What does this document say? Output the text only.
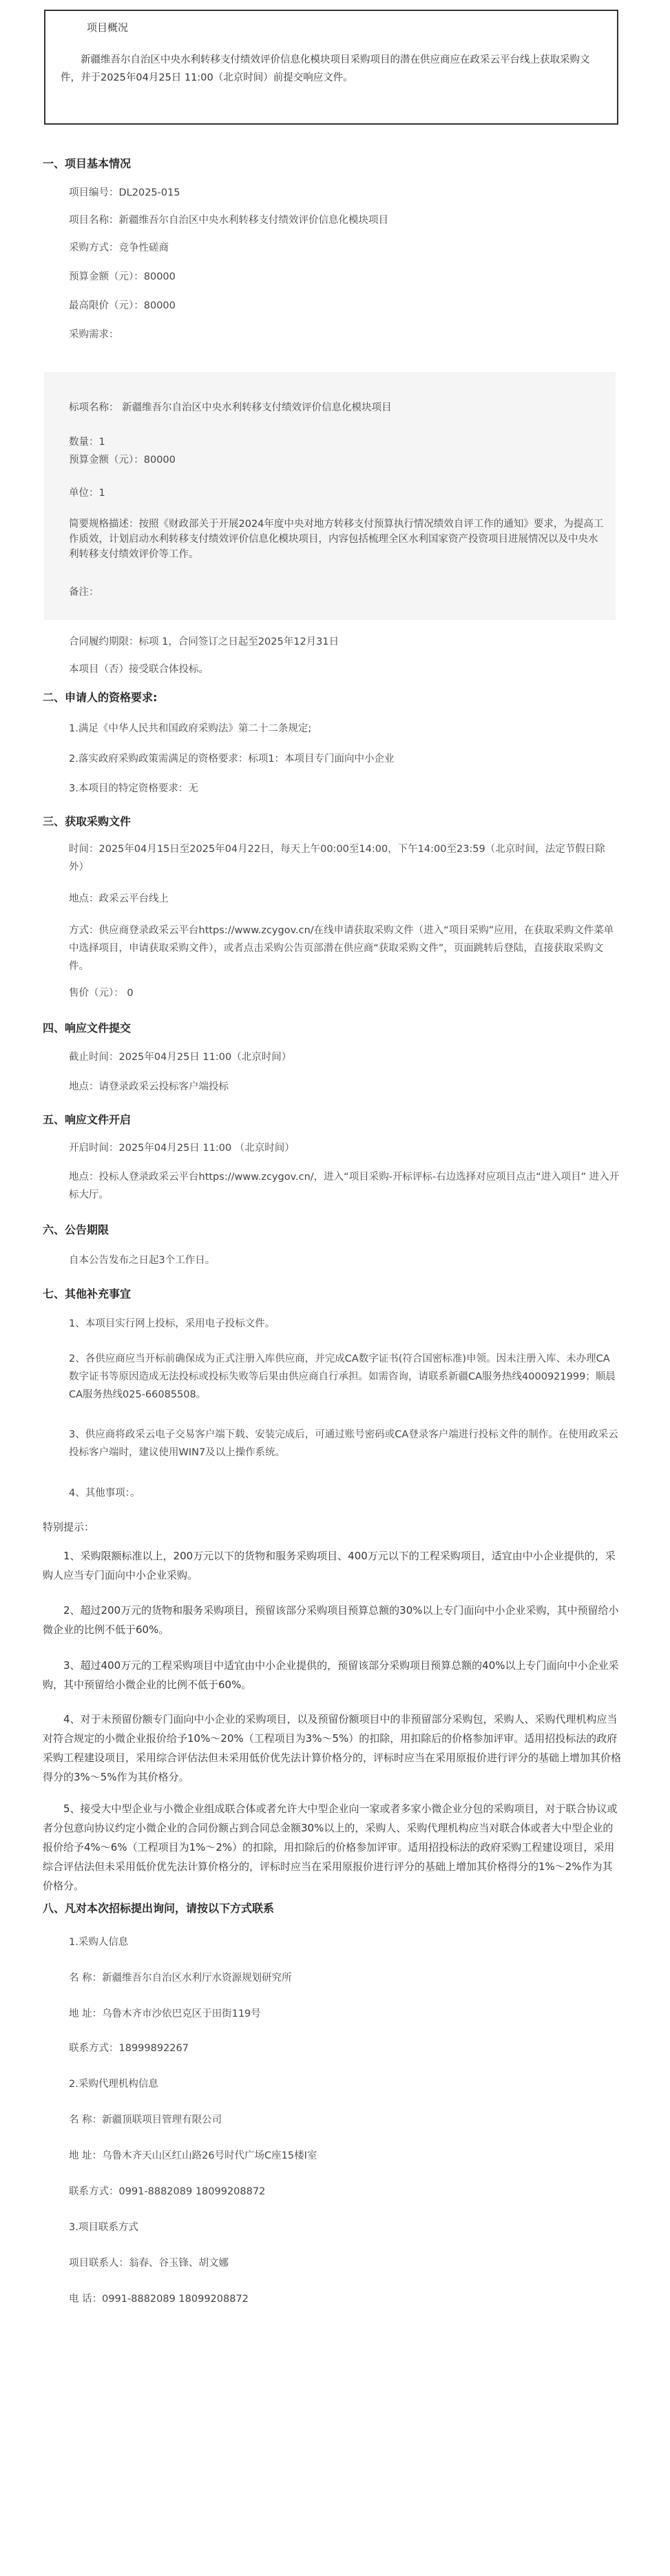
项目概况
新疆维吾尔自治区中央水利转移支付绩效评价信息化模块项目采购项目的潜在供应商应在政采云平台线上获取采购文件，并于2025年04月25日 11:00（北京时间）前提交响应文件。
一、项目基本情况
项目编号：DL2025-015
项目名称：新疆维吾尔自治区中央水利转移支付绩效评价信息化模块项目
采购方式：竞争性磋商
预算金额（元）：80000
最高限价（元）：80000
采购需求：
标项名称： 新疆维吾尔自治区中央水利转移支付绩效评价信息化模块项目
数量：1
预算金额（元）：80000
单位：1
简要规格描述：按照《财政部关于开展2024年度中央对地方转移支付预算执行情况绩效自评工作的通知》要求，为提高工作质效，计划启动水利转移支付绩效评价信息化模块项目，内容包括梳理全区水利国家资产投资项目进展情况以及中央水利转移支付绩效评价等工作。
备注：
合同履约期限：标项 1，合同签订之日起至2025年12月31日
本项目（否）接受联合体投标。
二、申请人的资格要求:
1.满足《中华人民共和国政府采购法》第二十二条规定;
2.落实政府采购政策需满足的资格要求：标项1：本项目专门面向中小企业
3.本项目的特定资格要求：无
三、获取采购文件
时间：2025年04月15日至2025年04月22日，每天上午00:00至14:00，下午14:00至23:59（北京时间，法定节假日除外）
地点：政采云平台线上
方式：供应商登录政采云平台https://www.zcygov.cn/在线申请获取采购文件（进入“项目采购”应用，在获取采购文件菜单中选择项目，申请获取采购文件），或者点击采购公告页部潜在供应商“获取采购文件”，页面跳转后登陆，直接获取采购文件。
售价（元）： 0
四、响应文件提交
截止时间：2025年04月25日 11:00（北京时间）
地点：请登录政采云投标客户端投标
五、响应文件开启
开启时间：2025年04月25日 11:00 （北京时间）
地点：投标人登录政采云平台https://www.zcygov.cn/，进入“项目采购-开标评标-右边选择对应项目点击“进入项目” 进入开标大厅。
六、公告期限
自本公告发布之日起3个工作日。
七、其他补充事宜
1、本项目实行网上投标，采用电子投标文件。
2、各供应商应当开标前确保成为正式注册入库供应商，并完成CA数字证书(符合国密标准)申领。因未注册入库、未办理CA数字证书等原因造成无法投标或投标失败等后果由供应商自行承担。如需咨询，请联系新疆CA服务热线4000921999；顺晨CA服务热线025-66085508。
3、供应商将政采云电子交易客户端下载、安装完成后，可通过账号密码或CA登录客户端进行投标文件的制作。在使用政采云投标客户端时，建议使用WIN7及以上操作系统。
4、其他事项：。
特别提示：
1、采购限额标准以上，200万元以下的货物和服务采购项目、400万元以下的工程采购项目，适宜由中小企业提供的，采购人应当专门面向中小企业采购。
2、超过200万元的货物和服务采购项目，预留该部分采购项目预算总额的30%以上专门面向中小企业采购，其中预留给小微企业的比例不低于60%。
3、超过400万元的工程采购项目中适宜由中小企业提供的，预留该部分采购项目预算总额的40%以上专门面向中小企业采购，其中预留给小微企业的比例不低于60%。
4、对于未预留份额专门面向中小企业的采购项目，以及预留份额项目中的非预留部分采购包，采购人、采购代理机构应当对符合规定的小微企业报价给予10%～20%（工程项目为3%～5%）的扣除，用扣除后的价格参加评审。适用招投标法的政府采购工程建设项目，采用综合评估法但未采用低价优先法计算价格分的，评标时应当在采用原报价进行评分的基础上增加其价格得分的3%～5%作为其价格分。
5、接受大中型企业与小微企业组成联合体或者允许大中型企业向一家或者多家小微企业分包的采购项目，对于联合协议或者分包意向协议约定小微企业的合同份额占到合同总金额30%以上的，采购人、采购代理机构应当对联合体或者大中型企业的报价给予4%～6%（工程项目为1%～2%）的扣除，用扣除后的价格参加评审。适用招投标法的政府采购工程建设项目，采用综合评估法但未采用低价优先法计算价格分的，评标时应当在采用原报价进行评分的基础上增加其价格得分的1%～2%作为其价格分。
八、凡对本次招标提出询问，请按以下方式联系
1.采购人信息
名 称：新疆维吾尔自治区水利厅水资源规划研究所
地 址：乌鲁木齐市沙依巴克区于田街119号
联系方式：18999892267
2.采购代理机构信息
名 称：新疆顶联项目管理有限公司
地 址：乌鲁木齐天山区红山路26号时代广场C座15楼I室
联系方式：0991-8882089 18099208872
3.项目联系方式
项目联系人：翁春、谷玉锋、胡文娜
电 话：0991-8882089 18099208872
